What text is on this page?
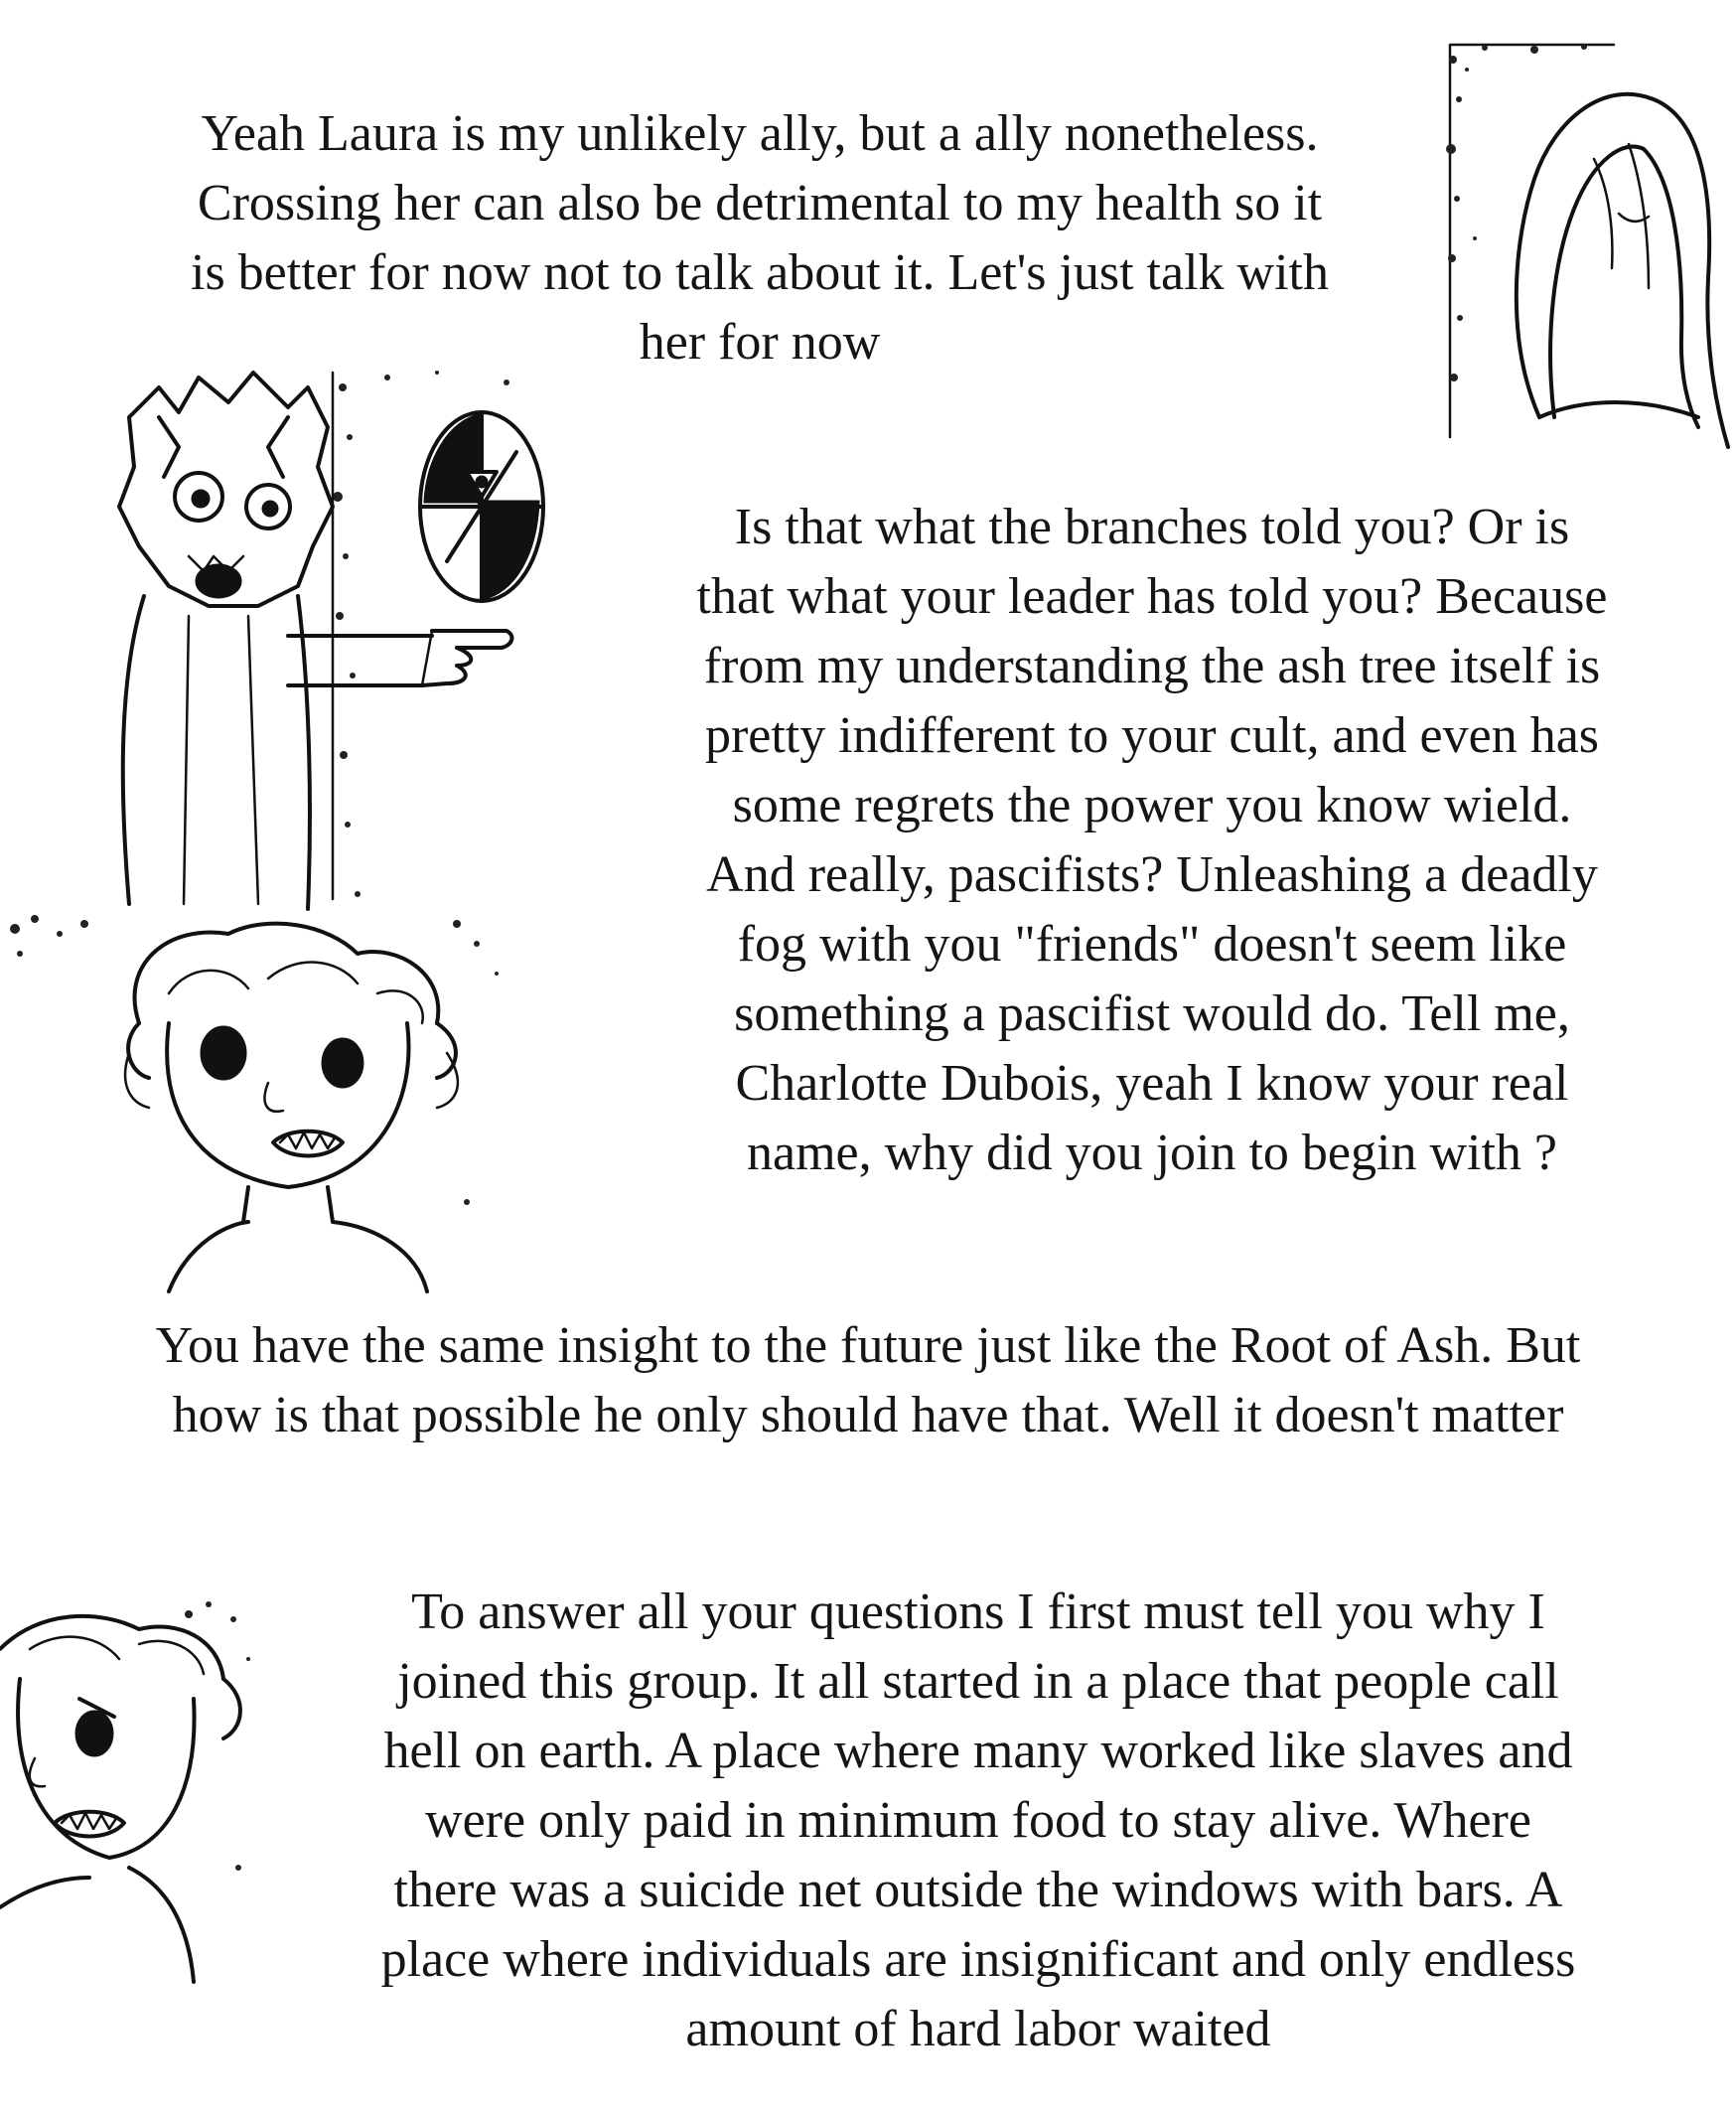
Yeah Laura is my unlikely ally, but a ally nonetheless.
Crossing her can also be detrimental to my health so it
is better for now not to talk about it. Let's just talk with
her for now
Is that what the branches told you? Or is
that what your leader has told you? Because
from my understanding the ash tree itself is
pretty indifferent to your cult, and even has
some regrets the power you know wield.
And really, pascifists? Unleashing a deadly
fog with you "friends" doesn't seem like
something a pascifist would do. Tell me,
Charlotte Dubois, yeah I know your real
name, why did you join to begin with ?
You have the same insight to the future just like the Root of Ash. But
how is that possible he only should have that. Well it doesn't matter
To answer all your questions I first must tell you why I
joined this group. It all started in a place that people call
hell on earth. A place where many worked like slaves and
were only paid in minimum food to stay alive. Where
there was a suicide net outside the windows with bars. A
place where individuals are insignificant and only endless
amount of hard labor waited
